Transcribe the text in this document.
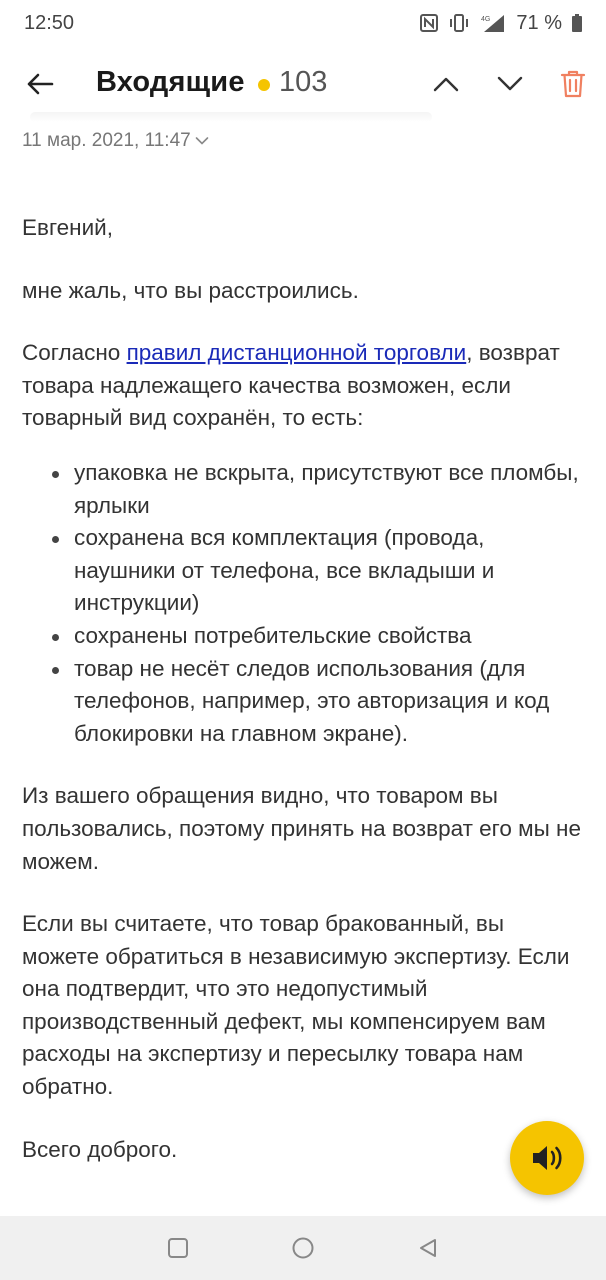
12:50	4G 71 %
Входящие 103
11 мар. 2021, 11:47

Евгений,

мне жаль, что вы расстроились.

Согласно правил дистанционной торговли, возврат товара надлежащего качества возможен, если товарный вид сохранён, то есть:

упаковка не вскрыта, присутствуют все пломбы, ярлыки
сохранена вся комплектация (провода, наушники от телефона, все вкладыши и инструкции)
сохранены потребительские свойства
товар не несёт следов использования (для телефонов, например, это авторизация и код блокировки на главном экране).

Из вашего обращения видно, что товаром вы пользовались, поэтому принять на возврат его мы не можем.

Если вы считаете, что товар бракованный, вы можете обратиться в независимую экспертизу. Если она подтвердит, что это недопустимый производственный дефект, мы компенсируем вам расходы на экспертизу и пересылку товара нам обратно.

Всего доброго.
